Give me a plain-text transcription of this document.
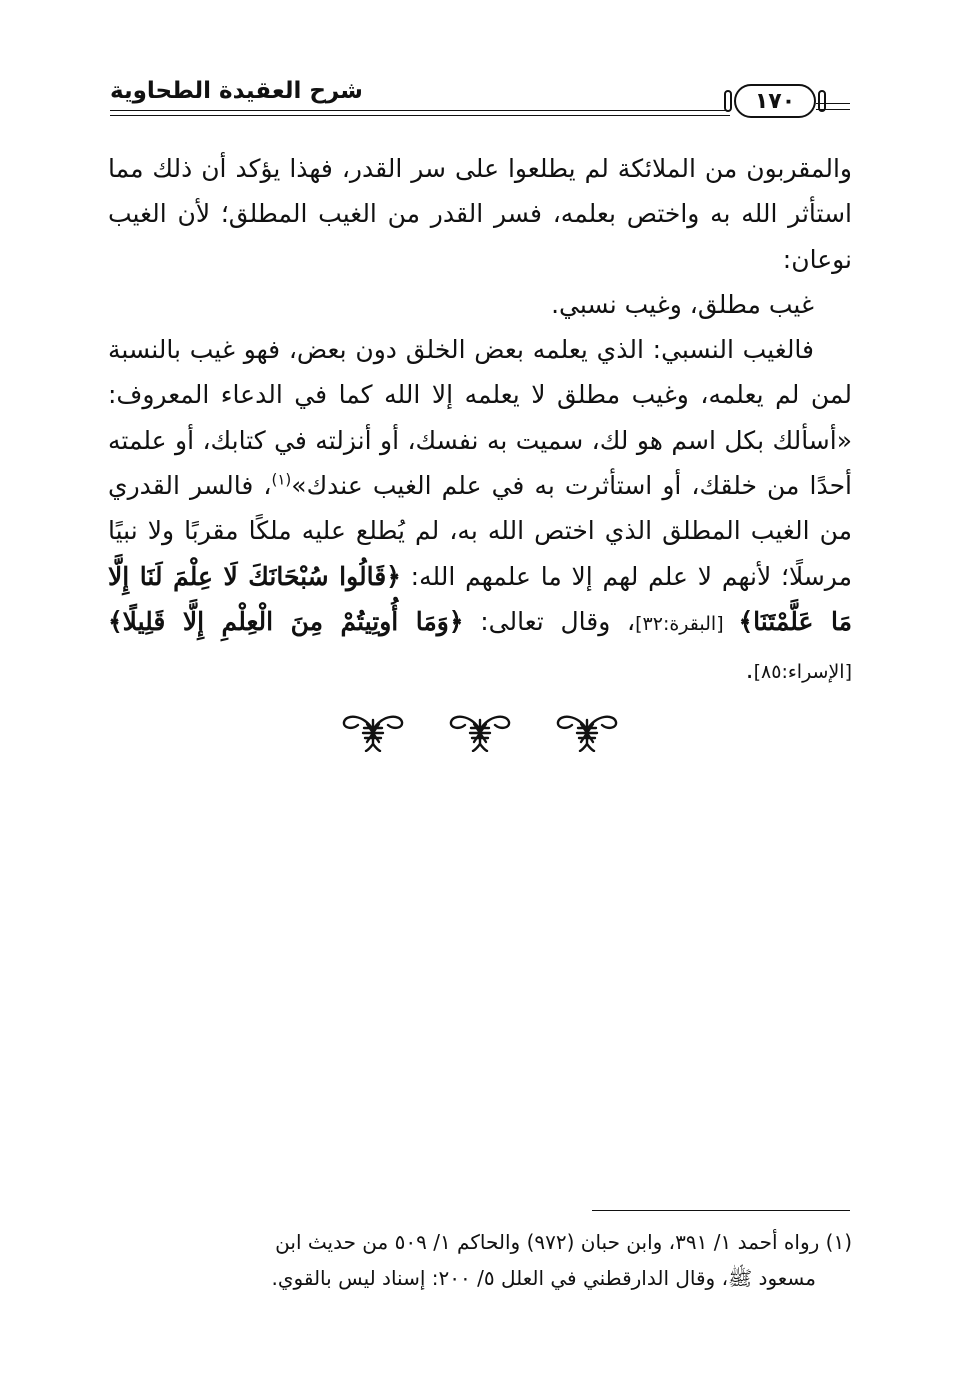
شرح العقيدة الطحاوية	١٧٠

والمقربون من الملائكة لم يطلعوا على سر القدر، فهذا يؤكد أن ذلك مما استأثر الله به واختص بعلمه، فسر القدر من الغيب المطلق؛ لأن الغيب نوعان:

غيب مطلق، وغيب نسبي.

فالغيب النسبي: الذي يعلمه بعض الخلق دون بعض، فهو غيب بالنسبة لمن لم يعلمه، وغيب مطلق لا يعلمه إلا الله كما في الدعاء المعروف: «أسألك بكل اسم هو لك، سميت به نفسك، أو أنزلته في كتابك، أو علمته أحدًا من خلقك، أو استأثرت به في علم الغيب عندك»$^{(١)}$، فالسر القدري من الغيب المطلق الذي اختص الله به، لم يُطلع عليه ملكًا مقربًا ولا نبيًا مرسلًا؛ لأنهم لا علم لهم إلا ما علمهم الله: ﴿قَالُوا سُبْحَانَكَ لَا عِلْمَ لَنَا إِلَّا مَا عَلَّمْتَنَا﴾ [البقرة:٣٢]، وقال تعالى: ﴿وَمَا أُوتِيتُمْ مِنَ الْعِلْمِ إِلَّا قَلِيلًا﴾ [الإسراء:٨٥].

(١) رواه أحمد ١/ ٣٩١، وابن حبان (٩٧٢) والحاكم ١/ ٥٠٩ من حديث ابن

مسعود ﷺ، وقال الدارقطني في العلل ٥/ ٢٠٠: إسناد ليس بالقوي.
